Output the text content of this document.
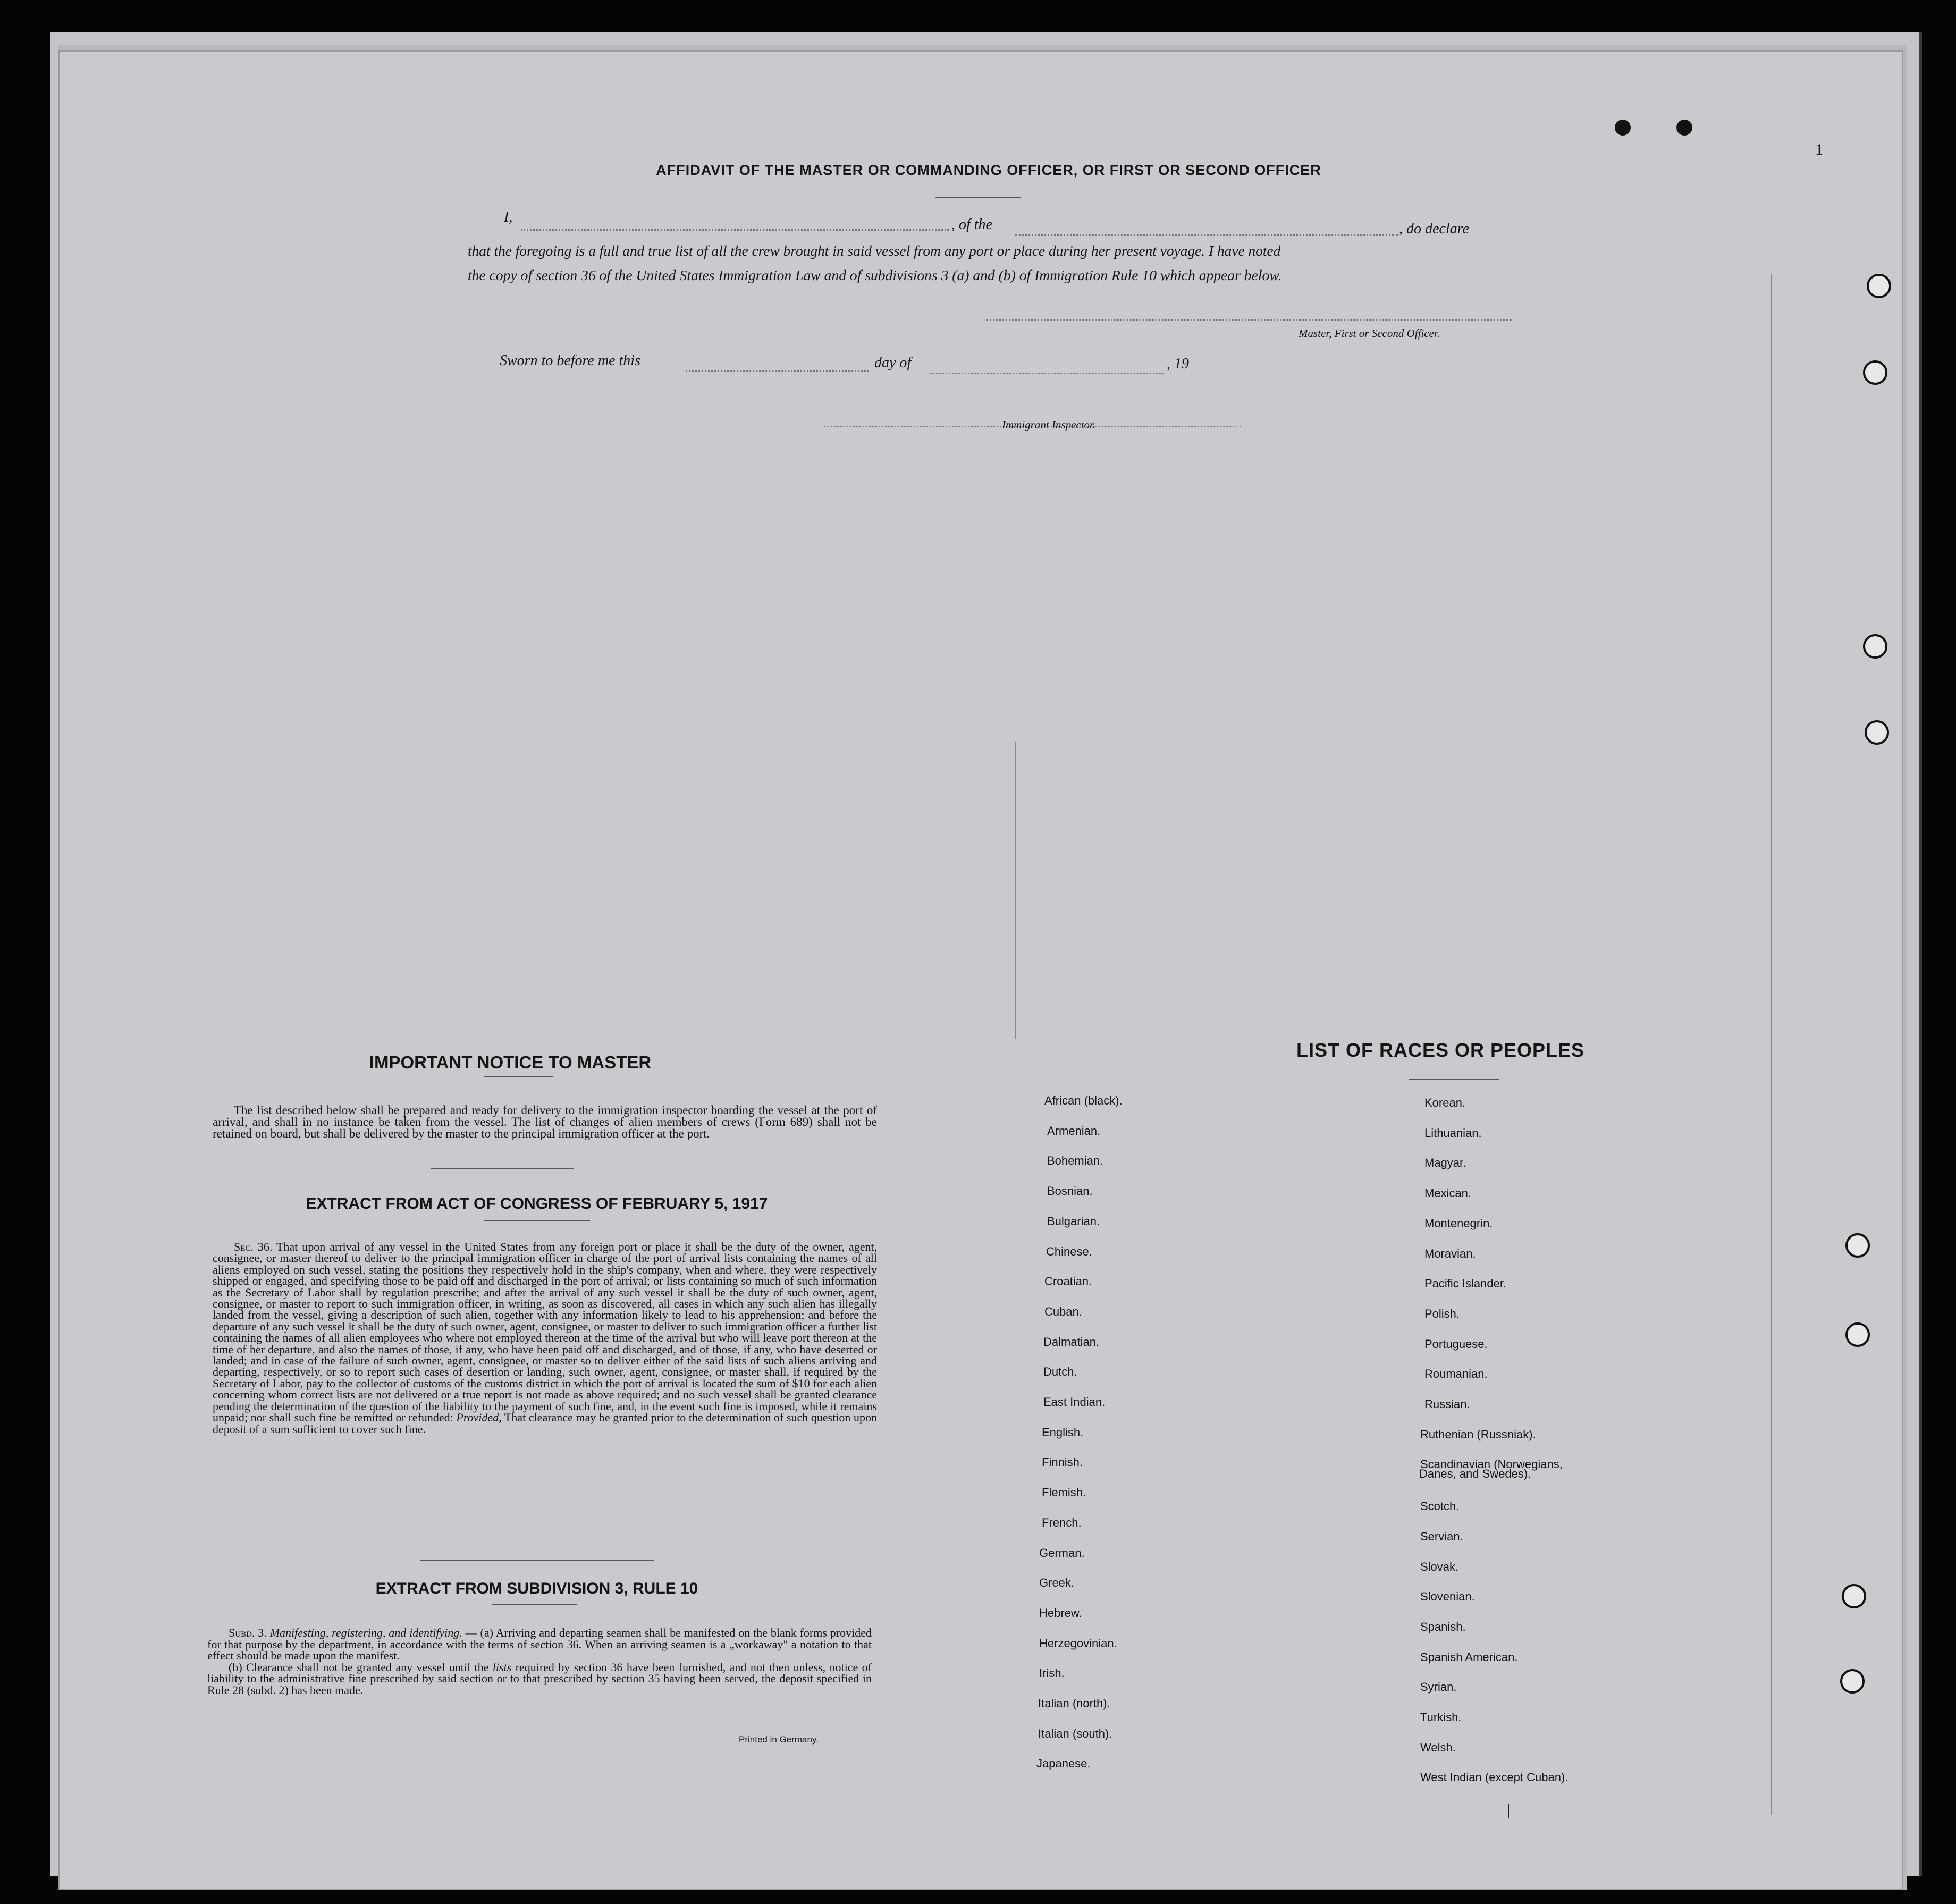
1
AFFIDAVIT OF THE MASTER OR COMMANDING OFFICER, OR FIRST OR SECOND OFFICER
I,	, of the	, do declare
that the foregoing is a full and true list of all the crew brought in said vessel from any port or place during her present voyage. I have noted
the copy of section 36 of the United States Immigration Law and of subdivisions 3 (a) and (b) of Immigration Rule 10 which appear below.
Master, First or Second Officer.
Sworn to before me this	day of	, 19
Immigrant Inspector.
IMPORTANT NOTICE TO MASTER
The list described below shall be prepared and ready for delivery to the immigration inspector boarding the vessel at the port of arrival, and shall in no instance be taken from the vessel. The list of changes of alien members of crews (Form 689) shall not be retained on board, but shall be delivered by the master to the principal immigration officer at the port.
EXTRACT FROM ACT OF CONGRESS OF FEBRUARY 5, 1917
Sec. 36. That upon arrival of any vessel in the United States from any foreign port or place it shall be the duty of the owner, agent, consignee, or master thereof to deliver to the principal immigration officer in charge of the port of arrival lists containing the names of all aliens employed on such vessel, stating the positions they respectively hold in the ship's company, when and where, they were respectively shipped or engaged, and specifying those to be paid off and discharged in the port of arrival; or lists containing so much of such information as the Secretary of Labor shall by regulation prescribe; and after the arrival of any such vessel it shall be the duty of such owner, agent, consignee, or master to report to such immigration officer, in writing, as soon as discovered, all cases in which any such alien has illegally landed from the vessel, giving a description of such alien, together with any information likely to lead to his apprehension; and before the departure of any such vessel it shall be the duty of such owner, agent, consignee, or master to deliver to such immigration officer a further list containing the names of all alien employees who where not employed thereon at the time of the arrival but who will leave port thereon at the time of her departure, and also the names of those, if any, who have been paid off and discharged, and of those, if any, who have deserted or landed; and in case of the failure of such owner, agent, consignee, or master so to deliver either of the said lists of such aliens arriving and departing, respectively, or so to report such cases of desertion or landing, such owner, agent, consignee, or master shall, if required by the Secretary of Labor, pay to the collector of customs of the customs district in which the port of arrival is located the sum of $10 for each alien concerning whom correct lists are not delivered or a true report is not made as above required; and no such vessel shall be granted clearance pending the determination of the question of the liability to the payment of such fine, and, in the event such fine is imposed, while it remains unpaid; nor shall such fine be remitted or refunded: Provided, That clearance may be granted prior to the determination of such question upon deposit of a sum sufficient to cover such fine.
EXTRACT FROM SUBDIVISION 3, RULE 10
Subd. 3. Manifesting, registering, and identifying. — (a) Arriving and departing seamen shall be manifested on the blank forms provided for that purpose by the department, in accordance with the terms of section 36. When an arriving seamen is a „workaway" a notation to that effect should be made upon the manifest.
(b) Clearance shall not be granted any vessel until the lists required by section 36 have been furnished, and not then unless, notice of liability to the administrative fine prescribed by said section or to that prescribed by section 35 having been served, the deposit specified in Rule 28 (subd. 2) has been made.
Printed in Germany.
LIST OF RACES OR PEOPLES
Danes, and Swedes).
African (black).
Armenian.
Bohemian.
Bosnian.
Bulgarian.
Chinese.
Croatian.
Cuban.
Dalmatian.
Dutch.
East Indian.
English.
Finnish.
Flemish.
French.
German.
Greek.
Hebrew.
Herzegovinian.
Irish.
Italian (north).
Italian (south).
Japanese.
Korean.
Lithuanian.
Magyar.
Mexican.
Montenegrin.
Moravian.
Pacific Islander.
Polish.
Portuguese.
Roumanian.
Russian.
Ruthenian (Russniak).
Scandinavian (Norwegians,
Scotch.
Servian.
Slovak.
Slovenian.
Spanish.
Spanish American.
Syrian.
Turkish.
Welsh.
West Indian (except Cuban).
